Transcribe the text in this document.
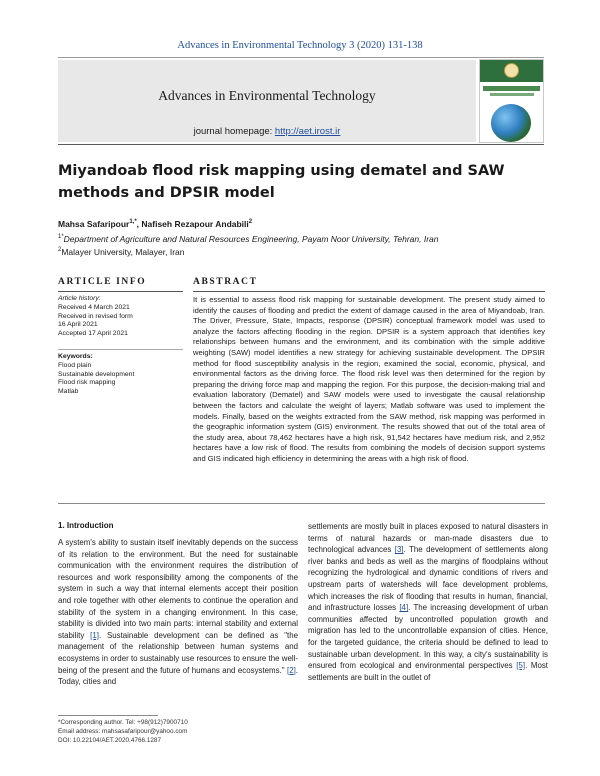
Advances in Environmental Technology 3 (2020) 131-138
Advances in Environmental Technology
journal homepage: http://aet.irost.ir
Miyandoab flood risk mapping using dematel and SAW methods and DPSIR model
Mahsa Safaripour$^{1,*}$, Nafiseh Rezapour Andabili$^2$
$^{1*}$Department of Agriculture and Natural Resources Engineering, Payam Noor University, Tehran, Iran
$^2$Malayer University, Malayer, Iran
ARTICLE INFO	ABSTRACT
Article history:
Received 4 March 2021
Received in revised form
16 April 2021
Accepted 17 April 2021
Keywords:
Flood plain
Sustainable development
Flood risk mapping
Matlab
It is essential to assess flood risk mapping for sustainable development. The present study aimed to identify the causes of flooding and predict the extent of damage caused in the area of Miyandoab, Iran. The Driver, Pressure, State, Impacts, response (DPSIR) conceptual framework model was used to analyze the factors affecting flooding in the region. DPSIR is a system approach that identifies key relationships between humans and the environment, and its combination with the simple additive weighting (SAW) model identifies a new strategy for achieving sustainable development. The DPSIR method for flood susceptibility analysis in the region, examined the social, economic, physical, and environmental factors as the driving force. The flood risk level was then determined for the region by preparing the driving force map and mapping the region. For this purpose, the decision-making trial and evaluation laboratory (Dematel) and SAW models were used to investigate the causal relationship between the factors and calculate the weight of layers; Matlab software was used to implement the models. Finally, based on the weights extracted from the SAW method, risk mapping was performed in the geographic information system (GIS) environment. The results showed that out of the total area of the study area, about 78,462 hectares have a high risk, 91,542 hectares have medium risk, and 2,952 hectares have a low risk of flood. The results from combining the models of decision support systems and GIS indicated high efficiency in determining the areas with a high risk of flood.
1. Introduction
A system's ability to sustain itself inevitably depends on the success of its relation to the environment. But the need for sustainable communication with the environment requires the distribution of resources and work responsibility among the components of the system in such a way that internal elements accept their position and role together with other elements to continue the operation and stability of the system in a changing environment. In this case, stability is divided into two main parts: internal stability and external stability [1]. Sustainable development can be defined as "the management of the relationship between human systems and ecosystems in order to sustainably use resources to ensure the well-being of the present and the future of humans and ecosystems." [2]. Today, cities and
settlements are mostly built in places exposed to natural disasters in terms of natural hazards or man-made disasters due to technological advances [3]. The development of settlements along river banks and beds as well as the margins of floodplains without recognizing the hydrological and dynamic conditions of rivers and upstream parts of watersheds will face development problems, which increases the risk of flooding that results in human, financial, and infrastructure losses [4]. The increasing development of urban communities affected by uncontrolled population growth and migration has led to the uncontrollable expansion of cities. Hence, for the targeted guidance, the criteria should be defined to lead to sustainable urban development. In this way, a city's sustainability is ensured from ecological and environmental perspectives [5]. Most settlements are built in the outlet of
*Corresponding author. Tel: +98(912)7900710
Email address: mahsasafaripour@yahoo.com
DOI: 10.22104/AET.2020.4766.1287
